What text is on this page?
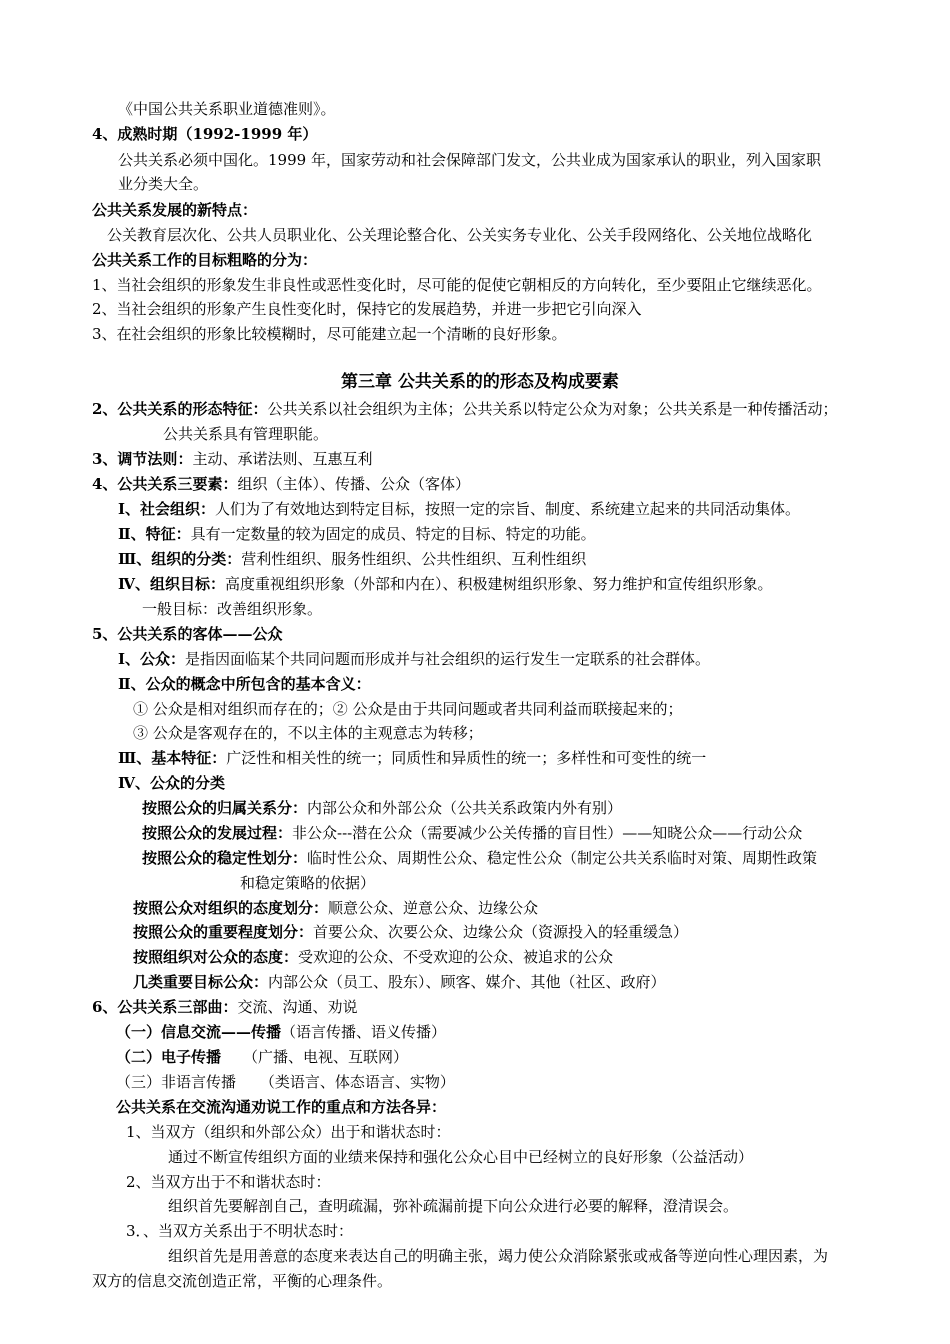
《中国公共关系职业道德准则》。
4、成熟时期（1992-1999 年）
公共关系必须中国化。1999 年，国家劳动和社会保障部门发文，公共业成为国家承认的职业，列入国家职
业分类大全。
公共关系发展的新特点：
公关教育层次化、公共人员职业化、公关理论整合化、公关实务专业化、公关手段网络化、公关地位战略化
公共关系工作的目标粗略的分为：
1、当社会组织的形象发生非良性或恶性变化时，尽可能的促使它朝相反的方向转化，至少要阻止它继续恶化。
2、当社会组织的形象产生良性变化时，保持它的发展趋势，并进一步把它引向深入
3、在社会组织的形象比较模糊时，尽可能建立起一个清晰的良好形象。
第三章 公共关系的的形态及构成要素
2、公共关系的形态特征：公共关系以社会组织为主体；公共关系以特定公众为对象；公共关系是一种传播活动；
公共关系具有管理职能。
3、调节法则：主动、承诺法则、互惠互利
4、公共关系三要素：组织（主体）、传播、公众（客体）
Ⅰ、社会组织：人们为了有效地达到特定目标，按照一定的宗旨、制度、系统建立起来的共同活动集体。
Ⅱ、特征：具有一定数量的较为固定的成员、特定的目标、特定的功能。
Ⅲ、组织的分类：营利性组织、服务性组织、公共性组织、互利性组织
Ⅳ、组织目标：高度重视组织形象（外部和内在）、积极建树组织形象、努力维护和宣传组织形象。
一般目标：改善组织形象。
5、公共关系的客体——公众
Ⅰ、公众：是指因面临某个共同问题而形成并与社会组织的运行发生一定联系的社会群体。
Ⅱ、公众的概念中所包含的基本含义：
① 公众是相对组织而存在的；② 公众是由于共同问题或者共同利益而联接起来的；
③ 公众是客观存在的，不以主体的主观意志为转移；
Ⅲ、基本特征：广泛性和相关性的统一；同质性和异质性的统一；多样性和可变性的统一
Ⅳ、公众的分类
按照公众的归属关系分：内部公众和外部公众（公共关系政策内外有别）
按照公众的发展过程：非公众---潜在公众（需要减少公关传播的盲目性）——知晓公众——行动公众
按照公众的稳定性划分：临时性公众、周期性公众、稳定性公众（制定公共关系临时对策、周期性政策
和稳定策略的依据）
按照公众对组织的态度划分：顺意公众、逆意公众、边缘公众
按照公众的重要程度划分：首要公众、次要公众、边缘公众（资源投入的轻重缓急）
按照组织对公众的态度：受欢迎的公众、不受欢迎的公众、被追求的公众
几类重要目标公众：内部公众（员工、股东）、顾客、媒介、其他（社区、政府）
6、公共关系三部曲：交流、沟通、劝说
（一）信息交流——传播（语言传播、语义传播）
（二）电子传播 （广播、电视、互联网）
（三）非语言传播     （类语言、体态语言、实物）
公共关系在交流沟通劝说工作的重点和方法各异：
1、当双方（组织和外部公众）出于和谐状态时：
通过不断宣传组织方面的业绩来保持和强化公众心目中已经树立的良好形象（公益活动）
2、当双方出于不和谐状态时：
组织首先要解剖自己，查明疏漏，弥补疏漏前提下向公众进行必要的解释，澄清误会。
3．、当双方关系出于不明状态时：
组织首先是用善意的态度来表达自己的明确主张，竭力使公众消除紧张或戒备等逆向性心理因素，为
双方的信息交流创造正常，平衡的心理条件。
